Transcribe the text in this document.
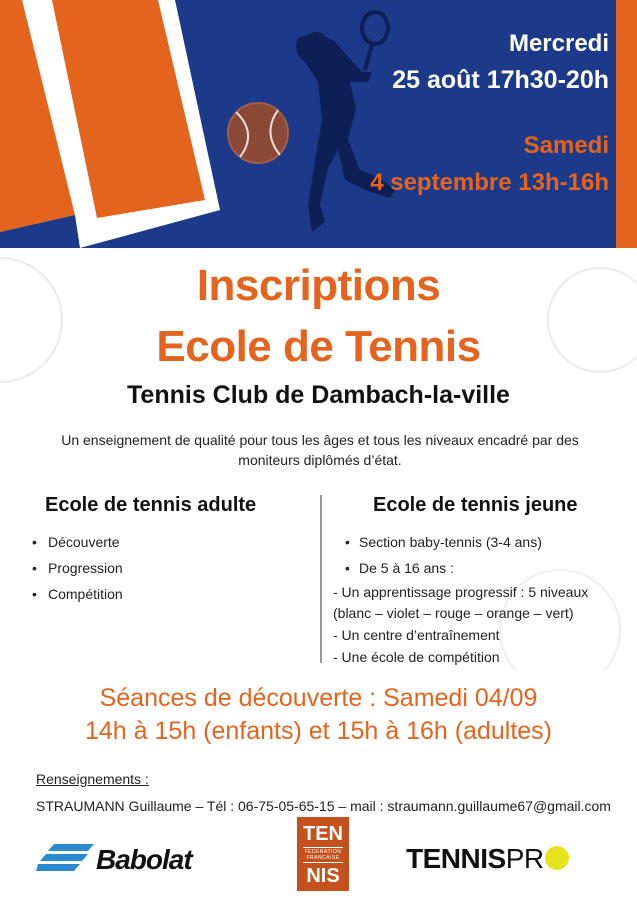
Mercredi
25 août 17h30-20h
Samedi
4 septembre 13h-16h
Inscriptions
Ecole de Tennis
Tennis Club de Dambach-la-ville
Un enseignement de qualité pour tous les âges et tous les niveaux encadré par des moniteurs diplômés d’état.
Ecole de tennis adulte
• Découverte
• Progression
• Compétition
Ecole de tennis jeune
• Section baby-tennis (3-4 ans)
• De 5 à 16 ans :
- Un apprentissage progressif : 5 niveaux (blanc – violet – rouge – orange – vert)
- Un centre d’entraînement
- Une école de compétition
Séances de découverte : Samedi 04/09
14h à 15h (enfants) et 15h à 16h (adultes)
Renseignements :
STRAUMANN Guillaume – Tél : 06-75-05-65-15 – mail : straumann.guillaume67@gmail.com
Babolat
TEN
FEDERATION FRANCAISE
NIS
TENNISPR
